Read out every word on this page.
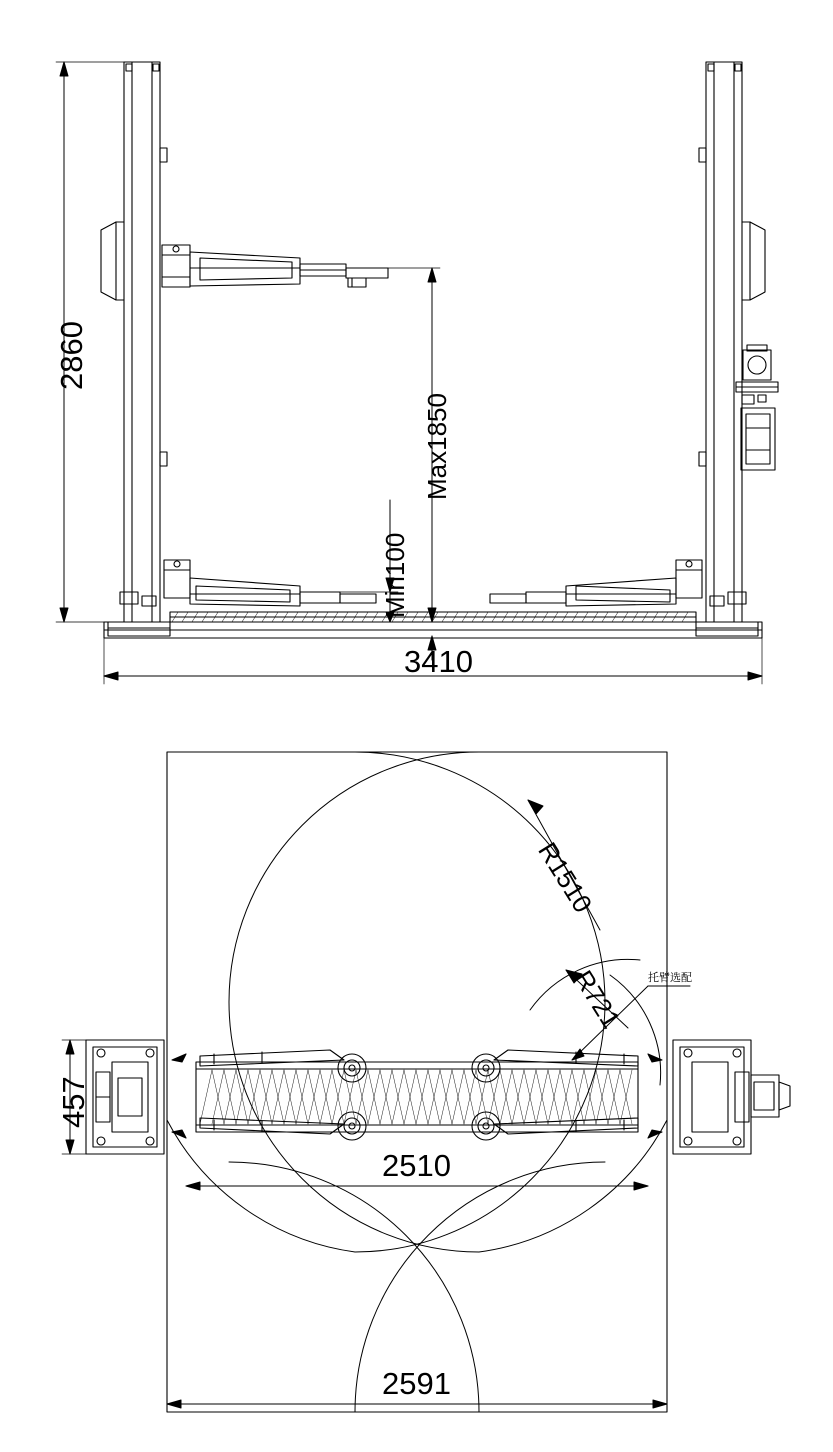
2860
Max1850
Min100
3410
R1510
R721 托臂选配
457
2510
2591
